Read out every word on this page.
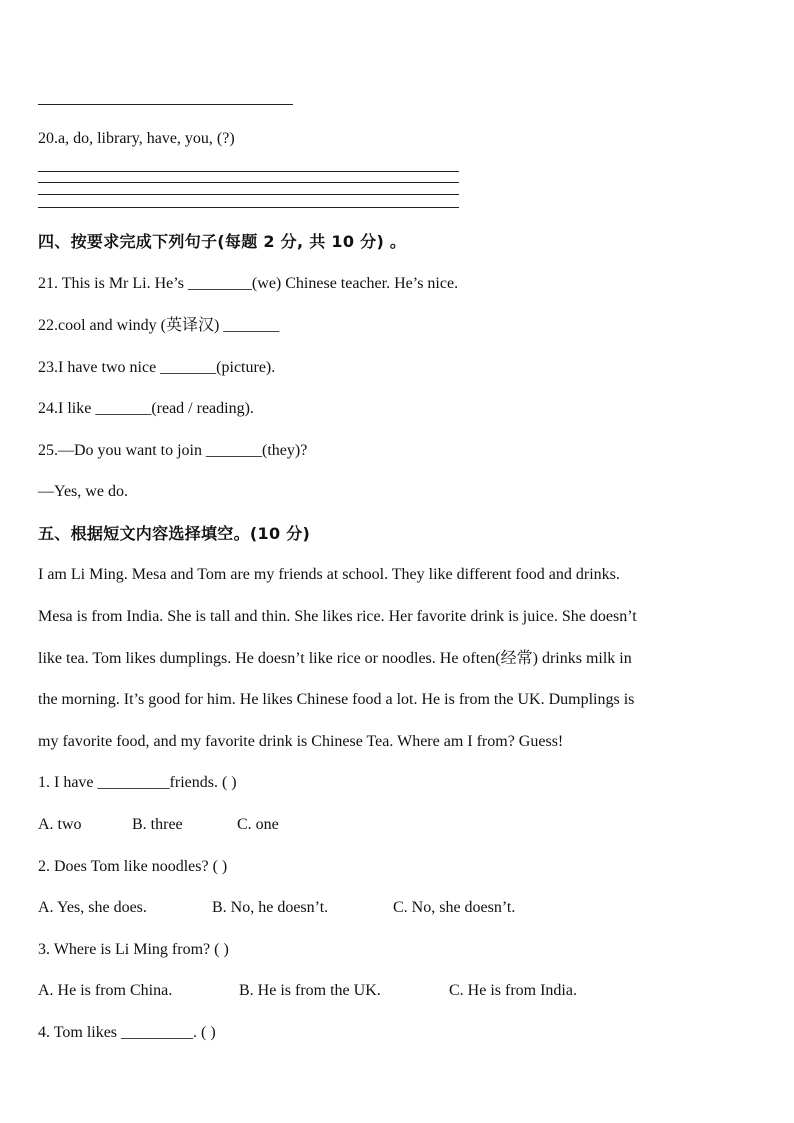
20.a, do, library, have, you, (?)
四、按要求完成下列句子(每题 2 分, 共 10 分) 。
21. This is Mr Li. He’s ________(we) Chinese teacher. He’s nice.
22.cool and windy (英译汉) _______
23.I have two nice _______(picture).
24.I like _______(read / reading).
25.—Do you want to join _______(they)?
—Yes, we do.
五、根据短文内容选择填空。(10 分)
I am Li Ming. Mesa and Tom are my friends at school. They like different food and drinks.
Mesa is from India. She is tall and thin. She likes rice. Her favorite drink is juice. She doesn’t
like tea. Tom likes dumplings. He doesn’t like rice or noodles. He often(经常) drinks milk in
the morning. It’s good for him. He likes Chinese food a lot. He is from the UK. Dumplings is
my favorite food, and my favorite drink is Chinese Tea. Where am I from? Guess!
1. I have _________friends. ( )
A. two	B. three	C. one
2. Does Tom like noodles? ( )
A. Yes, she does.	B. No, he doesn’t.	C. No, she doesn’t.
3. Where is Li Ming from? ( )
A. He is from China.	B. He is from the UK.	C. He is from India.
4. Tom likes _________. ( )
